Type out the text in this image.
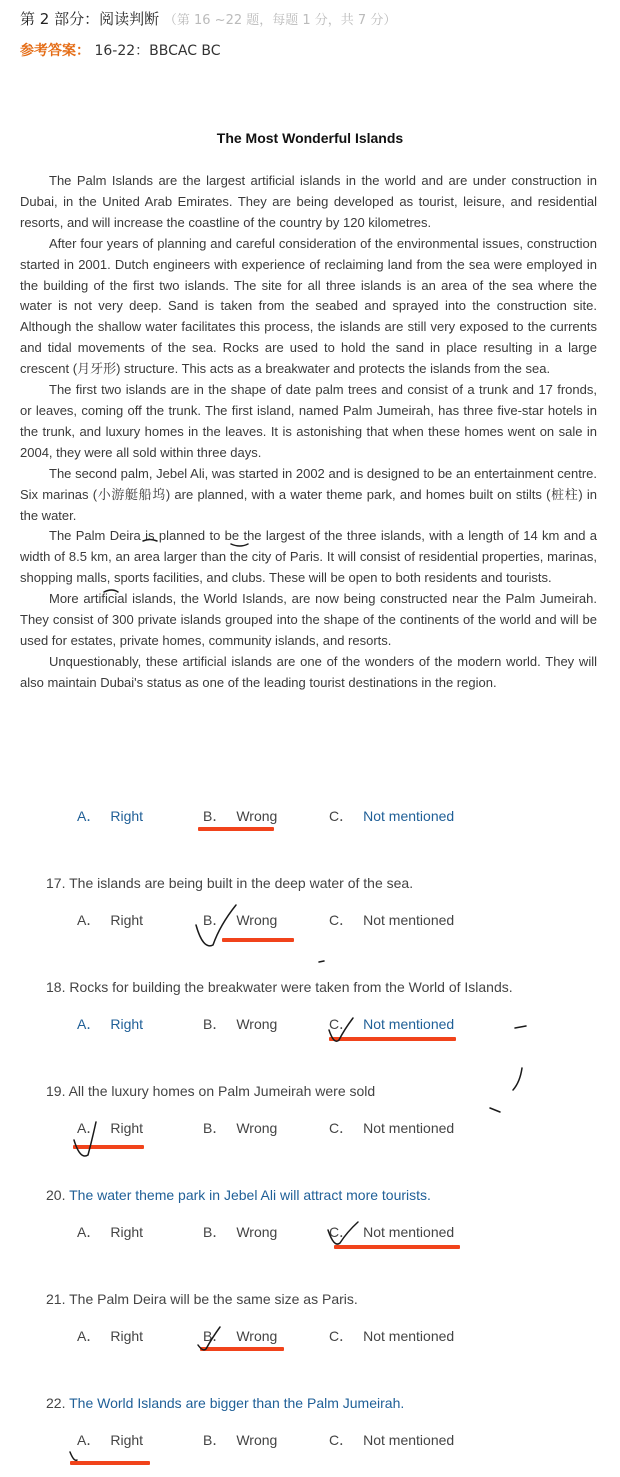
第 2 部分：阅读判断 （第 16 ~22 题，每题 1 分，共 7 分）
参考答案： 16-22：BBCAC BC
The Most Wonderful Islands

The Palm Islands are the largest artificial islands in the world and are under construction in Dubai, in the United Arab Emirates. They are being developed as tourist, leisure, and residential resorts, and will increase the coastline of the country by 120 kilometres.

After four years of planning and careful consideration of the environmental issues, construction started in 2001. Dutch engineers with experience of reclaiming land from the sea were employed in the building of the first two islands. The site for all three islands is an area of the sea where the water is not very deep. Sand is taken from the seabed and sprayed into the construction site. Although the shallow water facilitates this process, the islands are still very exposed to the currents and tidal movements of the sea. Rocks are used to hold the sand in place resulting in a large crescent (月牙形) structure. This acts as a breakwater and protects the islands from the sea.

The first two islands are in the shape of date palm trees and consist of a trunk and 17 fronds, or leaves, coming off the trunk. The first island, named Palm Jumeirah, has three five-star hotels in the trunk, and luxury homes in the leaves. It is astonishing that when these homes went on sale in 2004, they were all sold within three days.

The second palm, Jebel Ali, was started in 2002 and is designed to be an entertainment centre. Six marinas (小游艇船坞) are planned, with a water theme park, and homes built on stilts (桩柱) in the water.

The Palm Deira is planned to be the largest of the three islands, with a length of 14 km and a width of 8.5 km, an area larger than the city of Paris. It will consist of residential properties, marinas, shopping malls, sports facilities, and clubs. These will be open to both residents and tourists.

More artificial islands, the World Islands, are now being constructed near the Palm Jumeirah. They consist of 300 private islands grouped into the shape of the continents of the world and will be used for estates, private homes, community islands, and resorts.

Unquestionably, these artificial islands are one of the wonders of the modern world. They will also maintain Dubai's status as one of the leading tourist destinations in the region.

A． Right	B． Wrong	C． Not mentioned
17. The islands are being built in the deep water of the sea.
A． Right	B． Wrong	C． Not mentioned
18. Rocks for building the breakwater were taken from the World of Islands.
A． Right	B． Wrong	C． Not mentioned
19. All the luxury homes on Palm Jumeirah were sold
A． Right	B． Wrong	C． Not mentioned
20. The water theme park in Jebel Ali will attract more tourists.
A． Right	B． Wrong	C． Not mentioned
21. The Palm Deira will be the same size as Paris.
A． Right	B． Wrong	C． Not mentioned
22. The World Islands are bigger than the Palm Jumeirah.
A． Right	B． Wrong	C． Not mentioned
